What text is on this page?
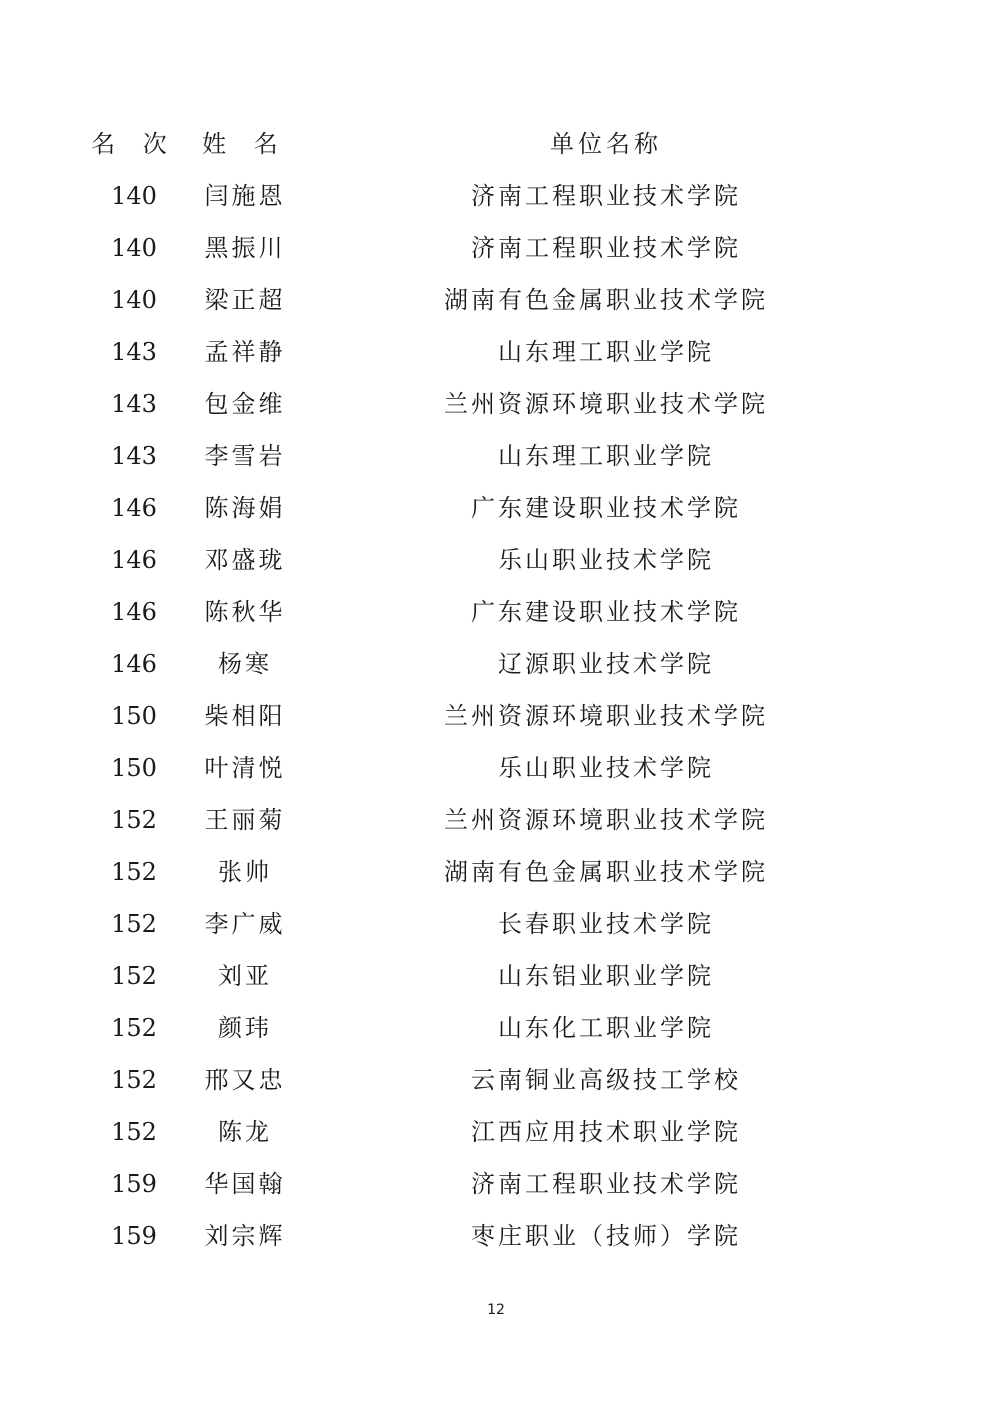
名 次	姓 名	单位名称
140	闫施恩	济南工程职业技术学院
140	黑振川	济南工程职业技术学院
140	梁正超	湖南有色金属职业技术学院
143	孟祥静	山东理工职业学院
143	包金维	兰州资源环境职业技术学院
143	李雪岩	山东理工职业学院
146	陈海娟	广东建设职业技术学院
146	邓盛珑	乐山职业技术学院
146	陈秋华	广东建设职业技术学院
146	杨寒	辽源职业技术学院
150	柴相阳	兰州资源环境职业技术学院
150	叶清悦	乐山职业技术学院
152	王丽菊	兰州资源环境职业技术学院
152	张帅	湖南有色金属职业技术学院
152	李广威	长春职业技术学院
152	刘亚	山东铝业职业学院
152	颜玮	山东化工职业学院
152	邢又忠	云南铜业高级技工学校
152	陈龙	江西应用技术职业学院
159	华国翰	济南工程职业技术学院
159	刘宗辉	枣庄职业（技师）学院
12
